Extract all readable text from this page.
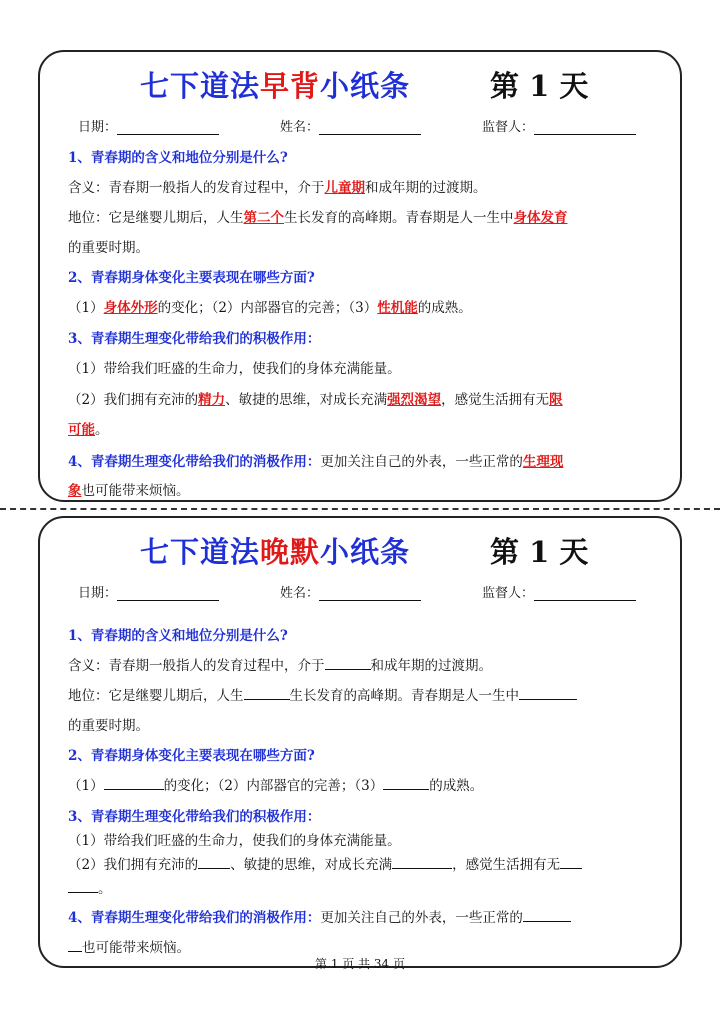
七下道法早背小纸条	第 1 天
日期：	姓名：	监督人：
1、青春期的含义和地位分别是什么?
含义：青春期一般指人的发育过程中，介于儿童期和成年期的过渡期。
地位：它是继婴儿期后，人生第二个生长发育的高峰期。青春期是人一生中身体发育
的重要时期。
2、青春期身体变化主要表现在哪些方面?
（1）身体外形的变化；（2）内部器官的完善；（3）性机能的成熟。
3、青春期生理变化带给我们的积极作用：
（1）带给我们旺盛的生命力，使我们的身体充满能量。
（2）我们拥有充沛的精力、敏捷的思维，对成长充满强烈渴望，感觉生活拥有无限
可能。
4、青春期生理变化带给我们的消极作用：更加关注自己的外表，一些正常的生理现
象也可能带来烦恼。
七下道法晚默小纸条	第 1 天
日期：	姓名：	监督人：
1、青春期的含义和地位分别是什么?
含义：青春期一般指人的发育过程中，介于	和成年期的过渡期。
地位：它是继婴儿期后，人生	生长发育的高峰期。青春期是人一生中
的重要时期。
2、青春期身体变化主要表现在哪些方面?
（1）	的变化；（2）内部器官的完善；（3）	的成熟。
3、青春期生理变化带给我们的积极作用：
（1）带给我们旺盛的生命力，使我们的身体充满能量。
（2）我们拥有充沛的 、敏捷的思维，对成长充满	，感觉生活拥有无
。
4、青春期生理变化带给我们的消极作用：更加关注自己的外表，一些正常的
也可能带来烦恼。
第 1 页 共 34 页
